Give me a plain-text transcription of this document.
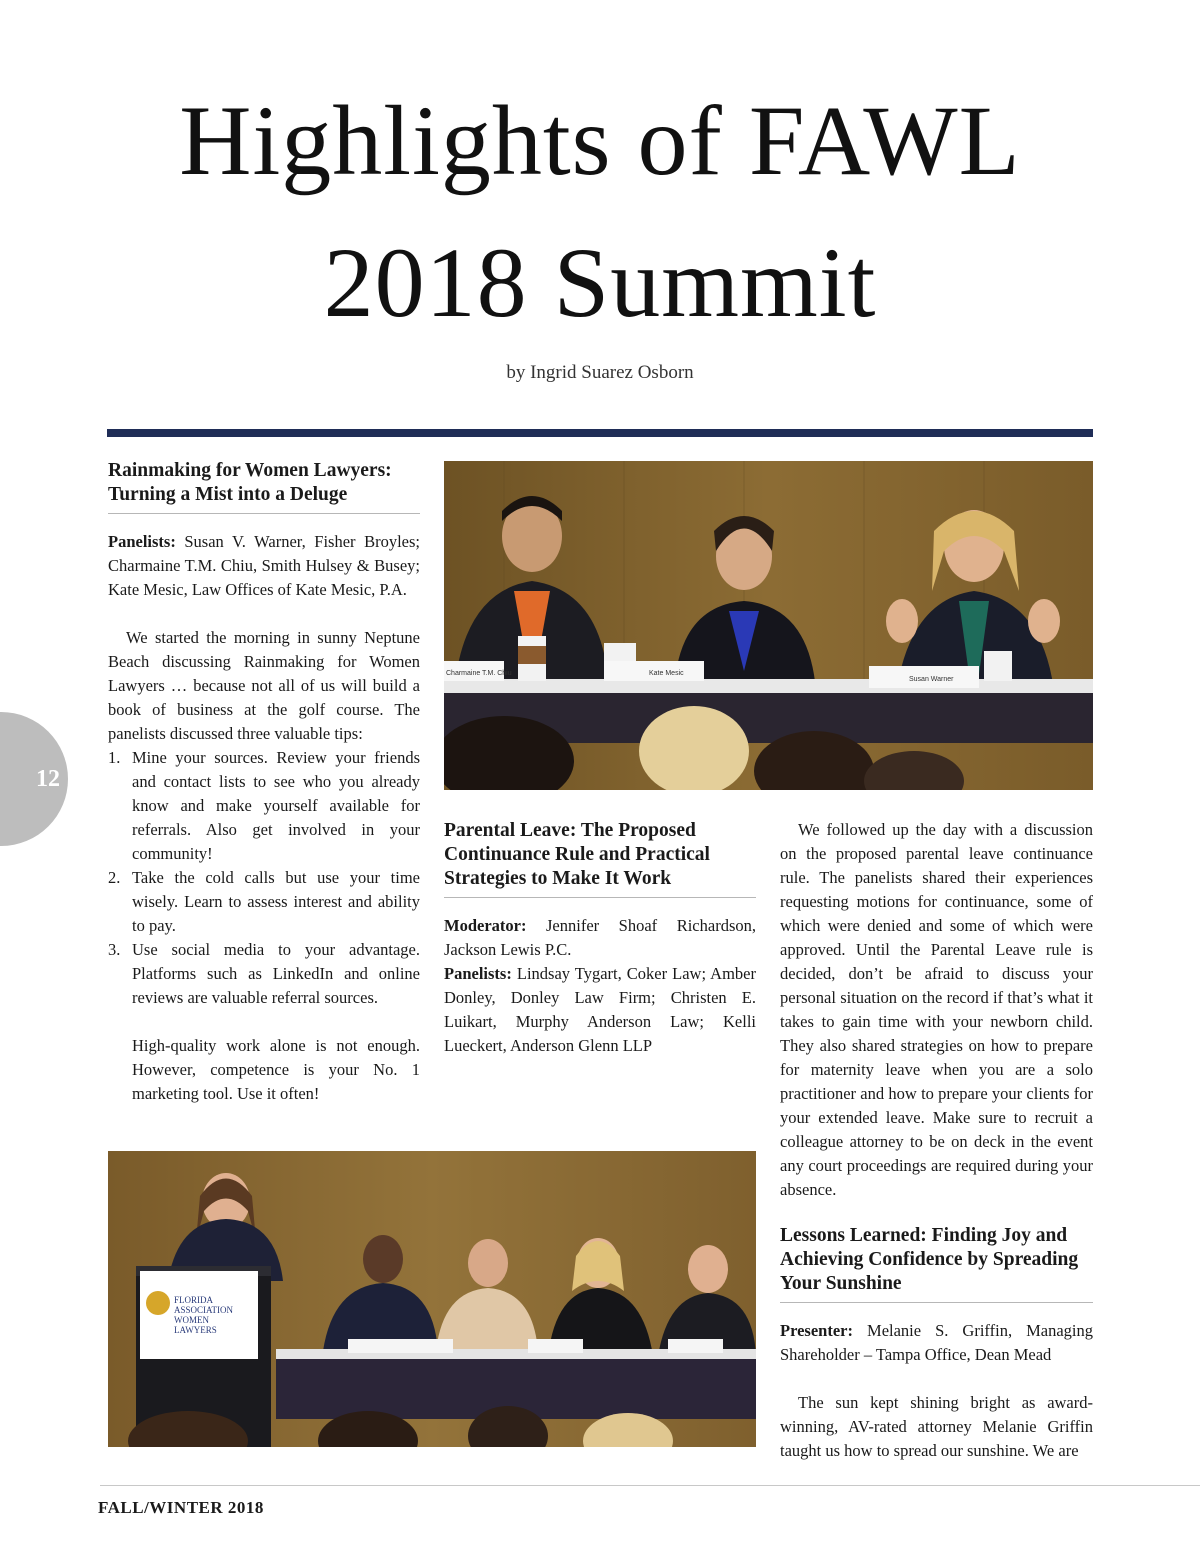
Highlights of FAWL
2018 Summit
by Ingrid Suarez Osborn
12
Rainmaking for Women Lawyers:
Turning a Mist into a Deluge
Panelists: Susan V. Warner, Fisher Broyles; Charmaine T.M. Chiu, Smith Hulsey & Busey; Kate Mesic, Law Offices of Kate Mesic, P.A.
We started the morning in sunny Neptune Beach discussing Rainmaking for Women Lawyers … because not all of us will build a book of business at the golf course. The panelists discussed three valuable tips:
1. Mine your sources. Review your friends and contact lists to see who you already know and make yourself available for referrals. Also get involved in your community!
2. Take the cold calls but use your time wisely. Learn to assess interest and ability to pay.
3. Use social media to your advantage. Platforms such as LinkedIn and online reviews are valuable referral sources.
High-quality work alone is not enough. However, competence is your No. 1 marketing tool. Use it often!
Charmaine T.M. Chiu	Kate Mesic
Susan Warner
Parental Leave: The Proposed
Continuance Rule and Practical
Strategies to Make It Work
Moderator: Jennifer Shoaf Richardson, Jackson Lewis P.C.
Panelists: Lindsay Tygart, Coker Law; Amber Donley, Donley Law Firm; Christen E. Luikart, Murphy Anderson Law; Kelli Lueckert, Anderson Glenn LLP
We followed up the day with a discussion on the proposed parental leave continuance rule. The panelists shared their experiences requesting motions for continuance, some of which were denied and some of which were approved. Until the Parental Leave rule is decided, don’t be afraid to discuss your personal situation on the record if that’s what it takes to gain time with your newborn child. They also shared strategies on how to prepare for maternity leave when you are a solo practitioner and how to prepare your clients for your extended leave. Make sure to recruit a colleague attorney to be on deck in the event any court proceedings are required during your absence.
Lessons Learned: Finding Joy and
Achieving Confidence by Spreading
Your Sunshine
Presenter: Melanie S. Griffin, Managing Shareholder – Tampa Office, Dean Mead
The sun kept shining bright as award-winning, AV-rated attorney Melanie Griffin taught us how to spread our sunshine. We are
FLORIDA
ASSOCIATION
WOMEN
LAWYERS
FALL/WINTER 2018
